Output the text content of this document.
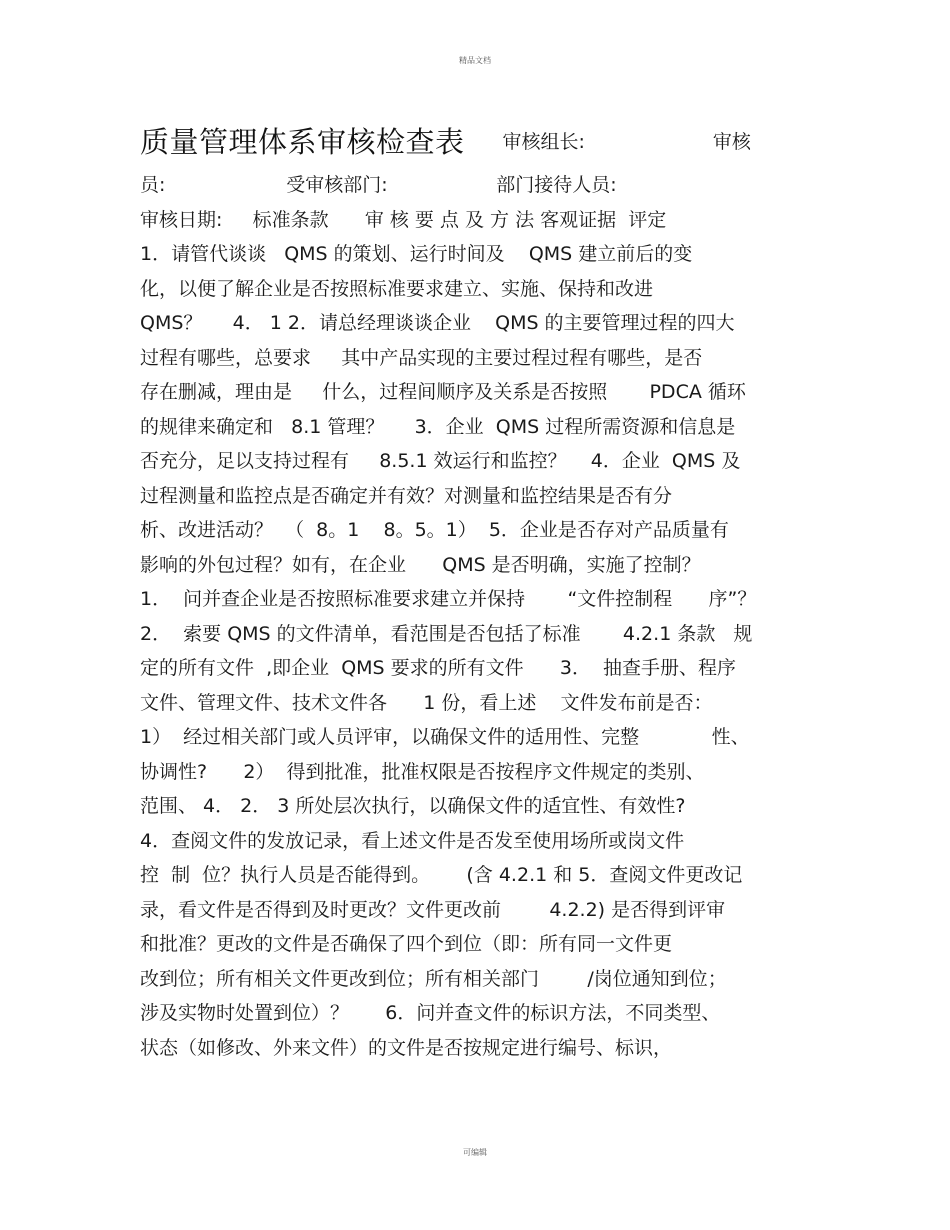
精品文档
质量管理体系审核检查表 审核组长:	审核
员:                    受审核部门:                  部门接待人员:
审核日期:     标准条款      审 核 要 点 及 方 法 客观证据  评定
1．请管代谈谈   QMS 的策划、运行时间及    QMS 建立前后的变
化，以便了解企业是否按照标准要求建立、实施、保持和改进
QMS？     4． 1 2．请总经理谈谈企业    QMS 的主要管理过程的四大
过程有哪些，总要求     其中产品实现的主要过程过程有哪些，是否
存在删减，理由是     什么，过程间顺序及关系是否按照       PDCA 循环
的规律来确定和   8.1 管理？     3．企业  QMS 过程所需资源和信息是
否充分，足以支持过程有     8.5.1 效运行和监控？    4．企业  QMS 及
过程测量和监控点是否确定并有效？对测量和监控结果是否有分
析、改进活动？  （  8。1    8。5。1）  5．企业是否存对产品质量有
影响的外包过程？如有，在企业      QMS 是否明确，实施了控制？
1．  问并查企业是否按照标准要求建立并保持       “文件控制程      序”？
2．  索要 QMS 的文件清单，看范围是否包括了标准       4.2.1 条款   规
定的所有文件  ,即企业  QMS 要求的所有文件      3．  抽查手册、程序
文件、管理文件、技术文件各      1 份，看上述    文件发布前是否：
1）  经过相关部门或人员评审，以确保文件的适用性、完整            性、
协调性?      2）  得到批准，批准权限是否按程序文件规定的类别、
范围、 4． 2． 3 所处层次执行，以确保文件的适宜性、有效性?
4．查阅文件的发放记录，看上述文件是否发至使用场所或岗文件
控  制  位？执行人员是否能得到。      (含 4.2.1 和 5．查阅文件更改记
录，看文件是否得到及时更改？文件更改前        4.2.2) 是否得到评审
和批准？更改的文件是否确保了四个到位（即：所有同一文件更
改到位；所有相关文件更改到位；所有相关部门        /岗位通知到位；
涉及实物时处置到位）？      6．问并查文件的标识方法，不同类型、
状态（如修改、外来文件）的文件是否按规定进行编号、标识，
可编辑
